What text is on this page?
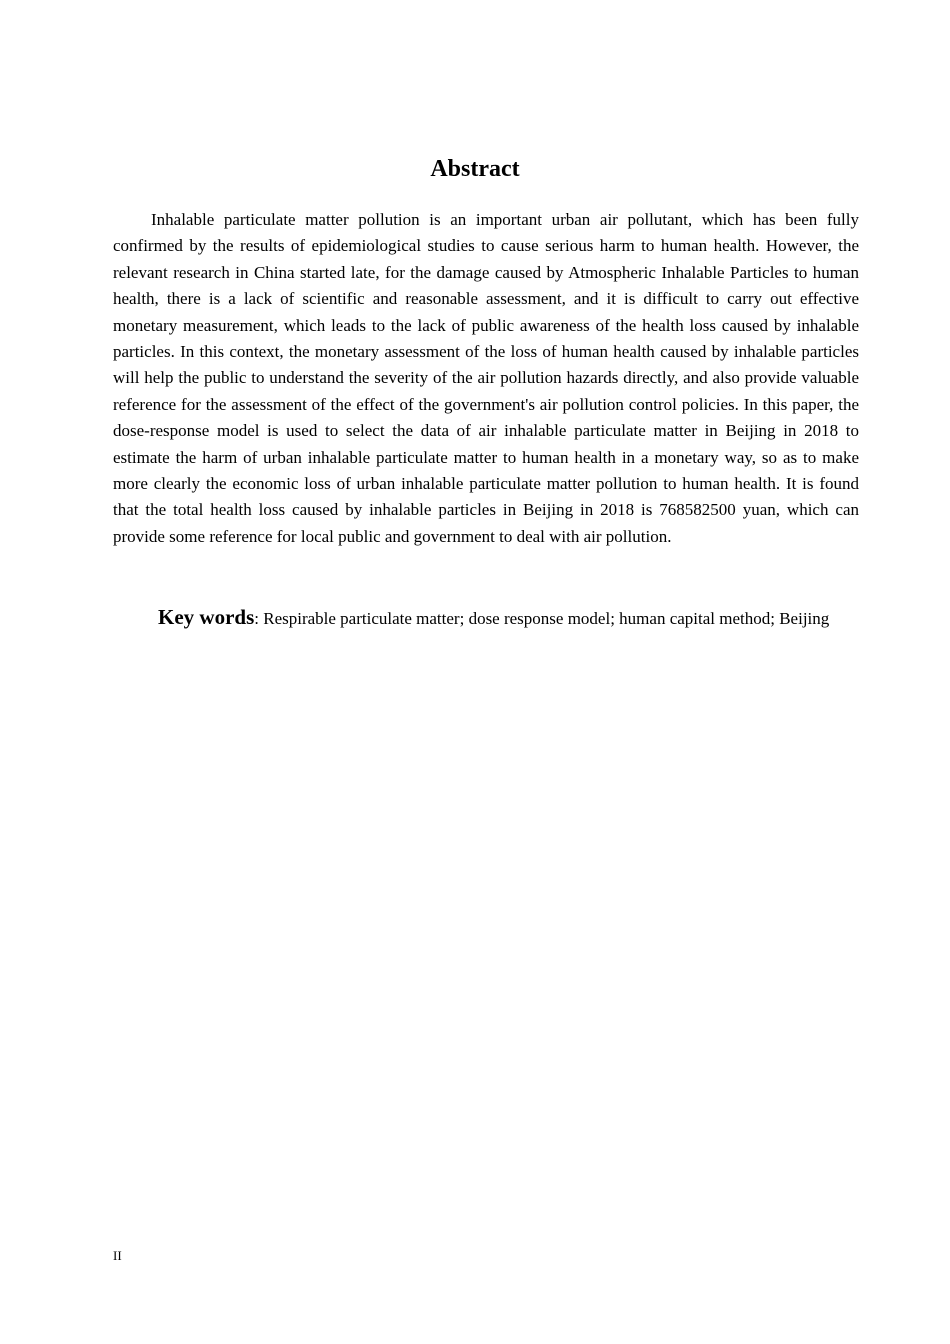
Abstract

Inhalable particulate matter pollution is an important urban air pollutant, which has been fully confirmed by the results of epidemiological studies to cause serious harm to human health. However, the relevant research in China started late, for the damage caused by Atmospheric Inhalable Particles to human health, there is a lack of scientific and reasonable assessment, and it is difficult to carry out effective monetary measurement, which leads to the lack of public awareness of the health loss caused by inhalable particles. In this context, the monetary assessment of the loss of human health caused by inhalable particles will help the public to understand the severity of the air pollution hazards directly, and also provide valuable reference for the assessment of the effect of the government's air pollution control policies. In this paper, the dose-response model is used to select the data of air inhalable particulate matter in Beijing in 2018 to estimate the harm of urban inhalable particulate matter to human health in a monetary way, so as to make more clearly the economic loss of urban inhalable particulate matter pollution to human health. It is found that the total health loss caused by inhalable particles in Beijing in 2018 is 768582500 yuan, which can provide some reference for local public and government to deal with air pollution.

Key words: Respirable particulate matter; dose response model; human capital method; Beijing

II
